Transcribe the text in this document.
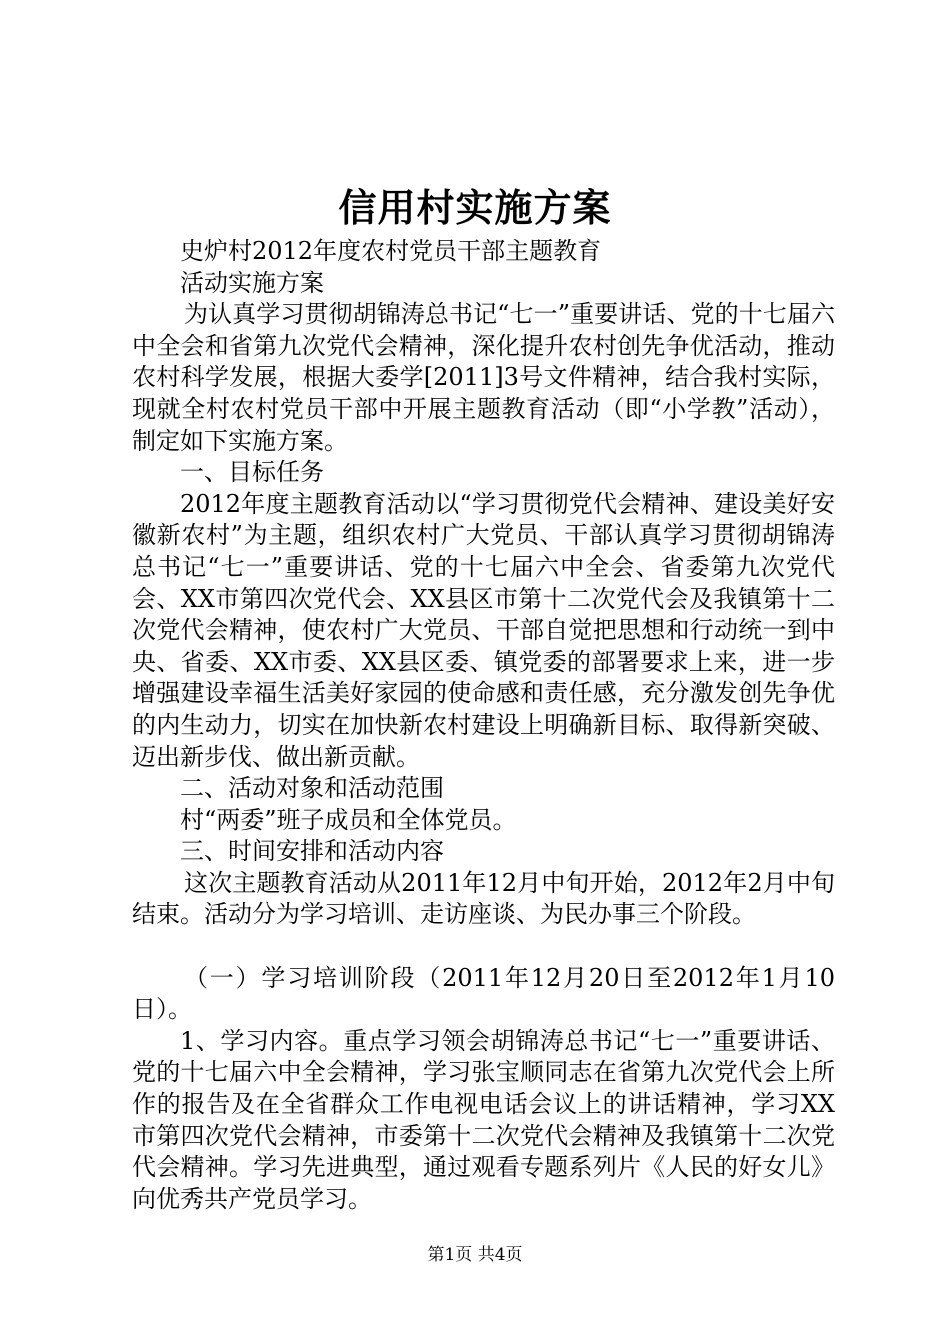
信用村实施方案

史炉村2012年度农村党员干部主题教育

活动实施方案

为认真学习贯彻胡锦涛总书记“七一”重要讲话、党的十七届六中全会和省第九次党代会精神，深化提升农村创先争优活动，推动农村科学发展，根据大委学[2011]3号文件精神，结合我村实际，现就全村农村党员干部中开展主题教育活动（即“小学教”活动），制定如下实施方案。

一、目标任务

2012年度主题教育活动以“学习贯彻党代会精神、建设美好安徽新农村”为主题，组织农村广大党员、干部认真学习贯彻胡锦涛总书记“七一”重要讲话、党的十七届六中全会、省委第九次党代会、XX市第四次党代会、XX县区市第十二次党代会及我镇第十二次党代会精神，使农村广大党员、干部自觉把思想和行动统一到中央、省委、XX市委、XX县区委、镇党委的部署要求上来，进一步增强建设幸福生活美好家园的使命感和责任感，充分激发创先争优的内生动力，切实在加快新农村建设上明确新目标、取得新突破、迈出新步伐、做出新贡献。

二、活动对象和活动范围

村“两委”班子成员和全体党员。

三、时间安排和活动内容

这次主题教育活动从2011年12月中旬开始，2012年2月中旬结束。活动分为学习培训、走访座谈、为民办事三个阶段。

（一）学习培训阶段（2011年12月20日至2012年1月10日）。

1、学习内容。重点学习领会胡锦涛总书记“七一”重要讲话、党的十七届六中全会精神，学习张宝顺同志在省第九次党代会上所作的报告及在全省群众工作电视电话会议上的讲话精神，学习XX市第四次党代会精神，市委第十二次党代会精神及我镇第十二次党代会精神。学习先进典型，通过观看专题系列片《人民的好女儿》向优秀共产党员学习。

第1页 共4页
